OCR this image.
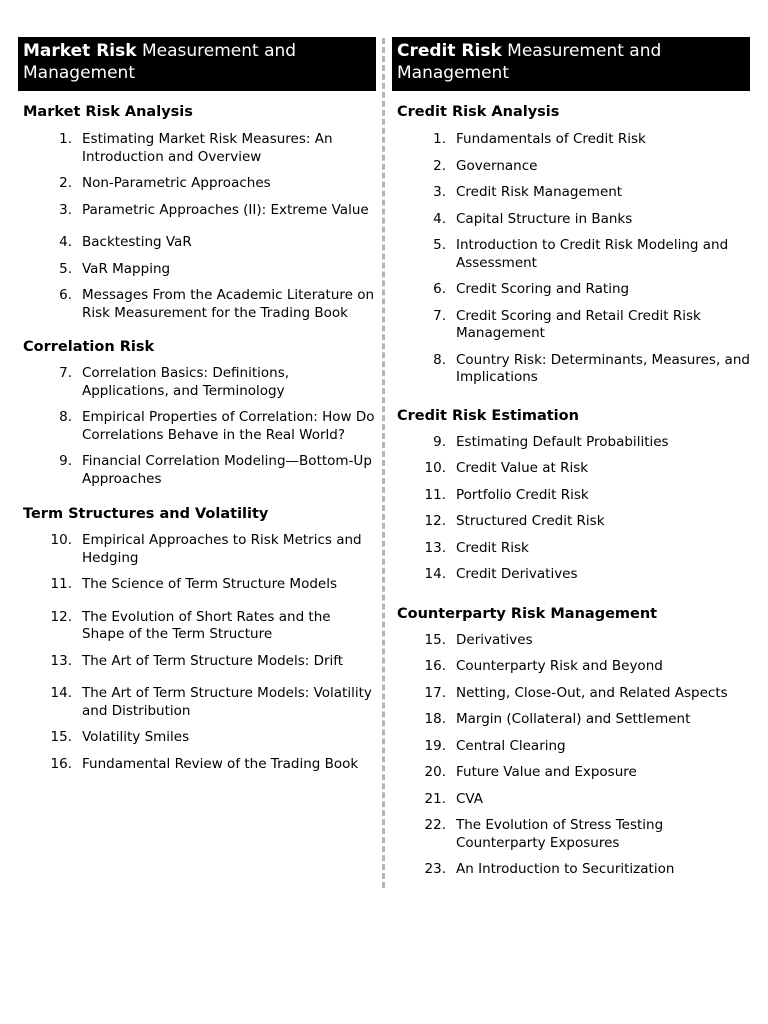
Market Risk Measurement and Management
Market Risk Analysis
1. Estimating Market Risk Measures: An Introduction and Overview
2. Non-Parametric Approaches
3. Parametric Approaches (II): Extreme Value
4. Backtesting VaR
5. VaR Mapping
6. Messages From the Academic Literature on Risk Measurement for the Trading Book
Correlation Risk
7. Correlation Basics: Definitions, Applications, and Terminology
8. Empirical Properties of Correlation: How Do Correlations Behave in the Real World?
9. Financial Correlation Modeling—Bottom-Up Approaches
Term Structures and Volatility
10. Empirical Approaches to Risk Metrics and Hedging
11. The Science of Term Structure Models
12. The Evolution of Short Rates and the Shape of the Term Structure
13. The Art of Term Structure Models: Drift
14. The Art of Term Structure Models: Volatility and Distribution
15. Volatility Smiles
16. Fundamental Review of the Trading Book
Credit Risk Measurement and Management
Credit Risk Analysis
1. Fundamentals of Credit Risk
2. Governance
3. Credit Risk Management
4. Capital Structure in Banks
5. Introduction to Credit Risk Modeling and Assessment
6. Credit Scoring and Rating
7. Credit Scoring and Retail Credit Risk Management
8. Country Risk: Determinants, Measures, and Implications
Credit Risk Estimation
9. Estimating Default Probabilities
10. Credit Value at Risk
11. Portfolio Credit Risk
12. Structured Credit Risk
13. Credit Risk
14. Credit Derivatives
Counterparty Risk Management
15. Derivatives
16. Counterparty Risk and Beyond
17. Netting, Close-Out, and Related Aspects
18. Margin (Collateral) and Settlement
19. Central Clearing
20. Future Value and Exposure
21. CVA
22. The Evolution of Stress Testing Counterparty Exposures
23. An Introduction to Securitization
